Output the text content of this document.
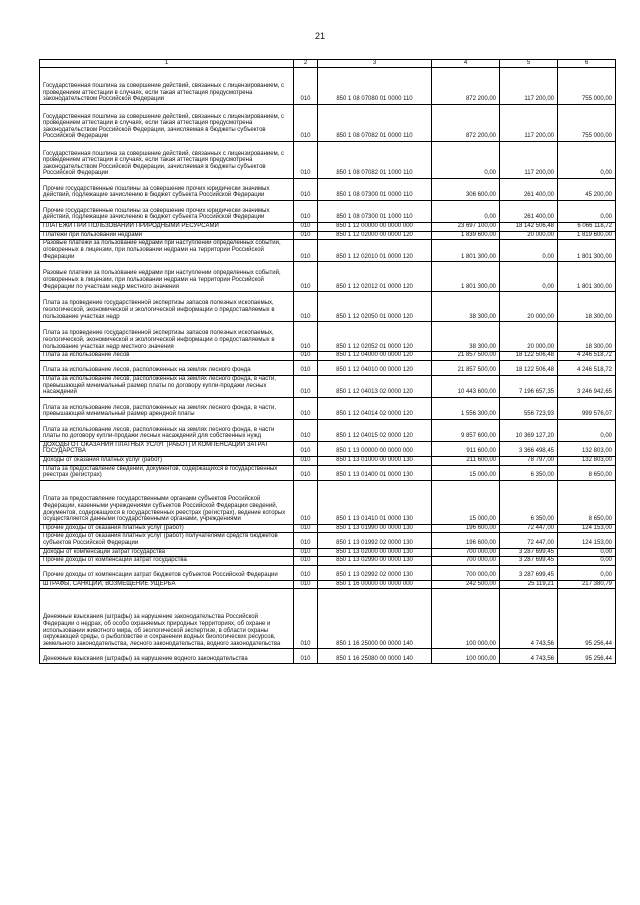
21
1	2	3	4	5	6
Государственная пошлина за совершение действий, связанных с лицензированием, с проведением аттестации в случаях, если такая аттестация предусмотрена законодательством Российской Федерации	010	850 1 08 07080 01 0000 110	872 200,00	117 200,00	755 000,00
Государственная пошлина за совершение действий, связанных с лицензированием, с проведением аттестации в случаях, если такая аттестация предусмотрена законодательством Российской Федерации, зачисляемая в бюджеты субъектов Российской Федерации	010	850 1 08 07082 01 0000 110	872 200,00	117 200,00	755 000,00
Государственная пошлина за совершение действий, связанных с лицензированием, с проведением аттестации в случаях, если такая аттестация предусмотрена законодательством Российской Федерации, зачисляемая в бюджеты субъектов Российской Федерации	010	850 1 08 07082 01 1000 110	0,00	117 200,00	0,00
Прочие государственные пошлины за совершение прочих юридически значимых действий, подлежащие зачислению в бюджет субъекта Российской Федерации	010	850 1 08 07300 01 0000 110	306 600,00	261 400,00	45 200,00
Прочие государственные пошлины за совершение прочих юридически значимых действий, подлежащие зачислению в бюджет субъекта Российской Федерации	010	850 1 08 07300 01 1000 110	0,00	261 400,00	0,00
ПЛАТЕЖИ ПРИ ПОЛЬЗОВАНИИ ПРИРОДНЫМИ РЕСУРСАМИ	010	850 1 12 00000 00 0000 000	23 697 100,00	18 142 506,48	6 066 118,72
Платежи при пользовании недрами	010	850 1 12 02000 00 0000 120	1 839 600,00	20 000,00	1 819 600,00
Разовые платежи за пользование недрами при наступлении определенных событий, оговоренных в лицензии, при пользовании недрами на территории Российской Федерации	010	850 1 12 02010 01 0000 120	1 801 300,00	0,00	1 801 300,00
Разовые платежи за пользование недрами при наступлении определенных событий, оговоренных в лицензии, при пользовании недрами на территории Российской Федерации по участкам недр местного значения	010	850 1 12 02012 01 0000 120	1 801 300,00	0,00	1 801 300,00
Плата за проведение государственной экспертизы запасов полезных ископаемых, геологической, экономической и экологической информации о предоставляемых в пользование участках недр	010	850 1 12 02050 01 0000 120	38 300,00	20 000,00	18 300,00
Плата за проведение государственной экспертизы запасов полезных ископаемых, геологической, экономической и экологической информации о предоставляемых в пользование участках недр местного значения	010	850 1 12 02052 01 0000 120	38 300,00	20 000,00	18 300,00
Плата за использование лесов	010	850 1 12 04000 00 0000 120	21 857 500,00	18 122 506,48	4 246 518,72
Плата за использование лесов, расположенных на землях лесного фонда	010	850 1 12 04010 00 0000 120	21 857 500,00	18 122 506,48	4 246 518,72
Плата за использование лесов, расположенных на землях лесного фонда, в части, превышающей минимальный размер платы по договору купли-продажи лесных насаждений	010	850 1 12 04013 02 0000 120	10 443 600,00	7 196 657,35	3 246 942,65
Плата за использование лесов, расположенных на землях лесного фонда, в части, превышающей минимальный размер арендной платы	010	850 1 12 04014 02 0000 120	1 556 300,00	556 723,93	999 576,07
Плата за использование лесов, расположенных на землях лесного фонда, в части платы по договору купли-продажи лесных насаждений для собственных нужд	010	850 1 12 04015 02 0000 120	9 857 600,00	10 369 127,20	0,00
ДОХОДЫ ОТ ОКАЗАНИЯ ПЛАТНЫХ УСЛУГ (РАБОТ) И КОМПЕНСАЦИИ ЗАТРАТ ГОСУДАРСТВА	010	850 1 13 00000 00 0000 000	911 600,00	3 366 498,45	132 803,00
Доходы от оказания платных услуг (работ)	010	850 1 13 01000 00 0000 130	211 600,00	78 797,00	132 803,00
Плата за предоставление сведений, документов, содержащихся в государственных реестрах (регистрах)	010	850 1 13 01400 01 0000 130	15 000,00	6 350,00	8 650,00
Плата за предоставление государственными органами субъектов Российской Федерации, казенными учреждениями субъектов Российской Федерации сведений, документов, содержащихся в государственных реестрах (регистрах), ведение которых осуществляется данными государственными органами, учреждениями	010	850 1 13 01410 01 0000 130	15 000,00	6 350,00	8 650,00
Прочие доходы от оказания платных услуг (работ)	010	850 1 13 01990 00 0000 130	196 600,00	72 447,00	124 153,00
Прочие доходы от оказания платных услуг (работ) получателями средств бюджетов субъектов Российской Федерации	010	850 1 13 01992 02 0000 130	196 600,00	72 447,00	124 153,00
Доходы от компенсации затрат государства	010	850 1 13 02000 00 0000 130	700 000,00	3 287 699,45	0,00
Прочие доходы от компенсации затрат государства	010	850 1 13 02990 00 0000 130	700 000,00	3 287 699,45	0,00
Прочие доходы от компенсации затрат бюджетов субъектов Российской Федерации	010	850 1 13 02992 02 0000 130	700 000,00	3 287 699,45	0,00
ШТРАФЫ, САНКЦИИ, ВОЗМЕЩЕНИЕ УЩЕРБА	010	850 1 16 00000 00 0000 000	242 500,00	25 119,21	217 380,79
Денежные взыскания (штрафы) за нарушение законодательства Российской Федерации о недрах, об особо охраняемых природных территориях, об охране и использовании животного мира, об экологической экспертизе, в области охраны окружающей среды, о рыболовстве и сохранении водных биологических ресурсов, земельного законодательства, лесного законодательства, водного законодательства	010	850 1 16 25000 00 0000 140	100 000,00	4 743,56	95 256,44
Денежные взыскания (штрафы) за нарушение водного законодательства	010	850 1 16 25080 00 0000 140	100 000,00	4 743,56	95 256,44
